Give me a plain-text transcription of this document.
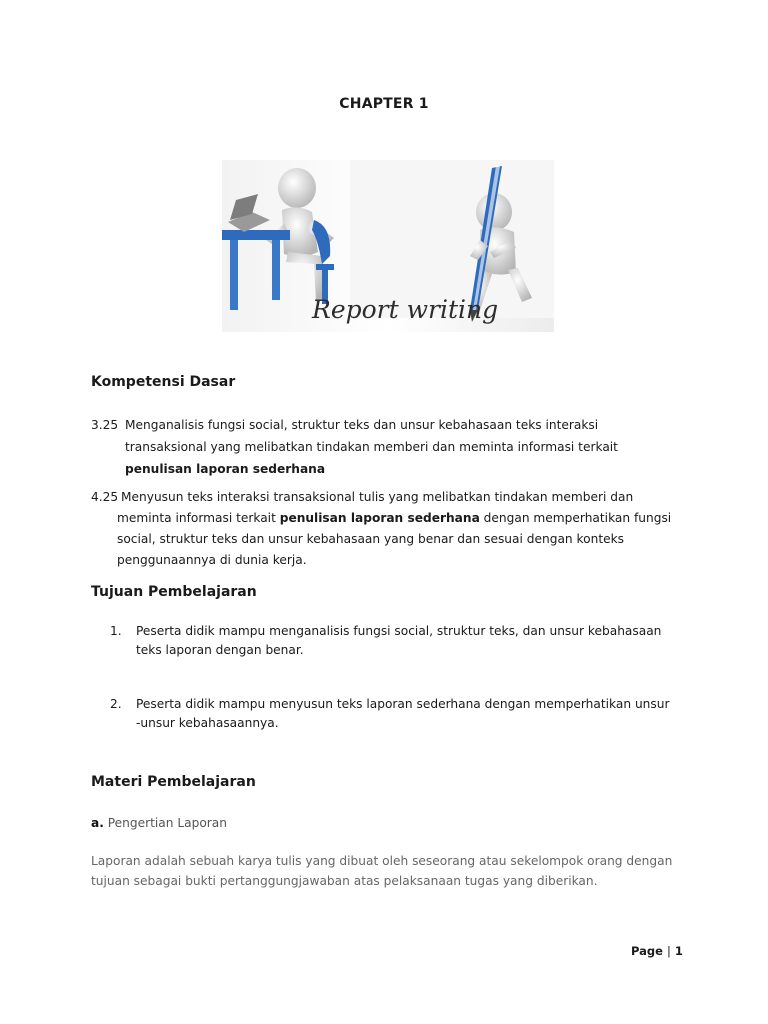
CHAPTER 1
Report writing
Kompetensi Dasar
3.25 Menganalisis fungsi social, struktur teks dan unsur kebahasaan teks interaksi
transaksional yang melibatkan tindakan memberi dan meminta informasi terkait
penulisan laporan sederhana
4.25 Menyusun teks interaksi transaksional tulis yang melibatkan tindakan memberi dan
meminta informasi terkait penulisan laporan sederhana dengan memperhatikan fungsi
social, struktur teks dan unsur kebahasaan yang benar dan sesuai dengan konteks
penggunaannya di dunia kerja.
Tujuan Pembelajaran
1. Peserta didik mampu menganalisis fungsi social, struktur teks, dan unsur kebahasaan
teks laporan dengan benar.
2. Peserta didik mampu menyusun teks laporan sederhana dengan memperhatikan unsur
-unsur kebahasaannya.
Materi Pembelajaran
a. Pengertian Laporan
Laporan adalah sebuah karya tulis yang dibuat oleh seseorang atau sekelompok orang dengan
tujuan sebagai bukti pertanggungjawaban atas pelaksanaan tugas yang diberikan.
Page | 1
